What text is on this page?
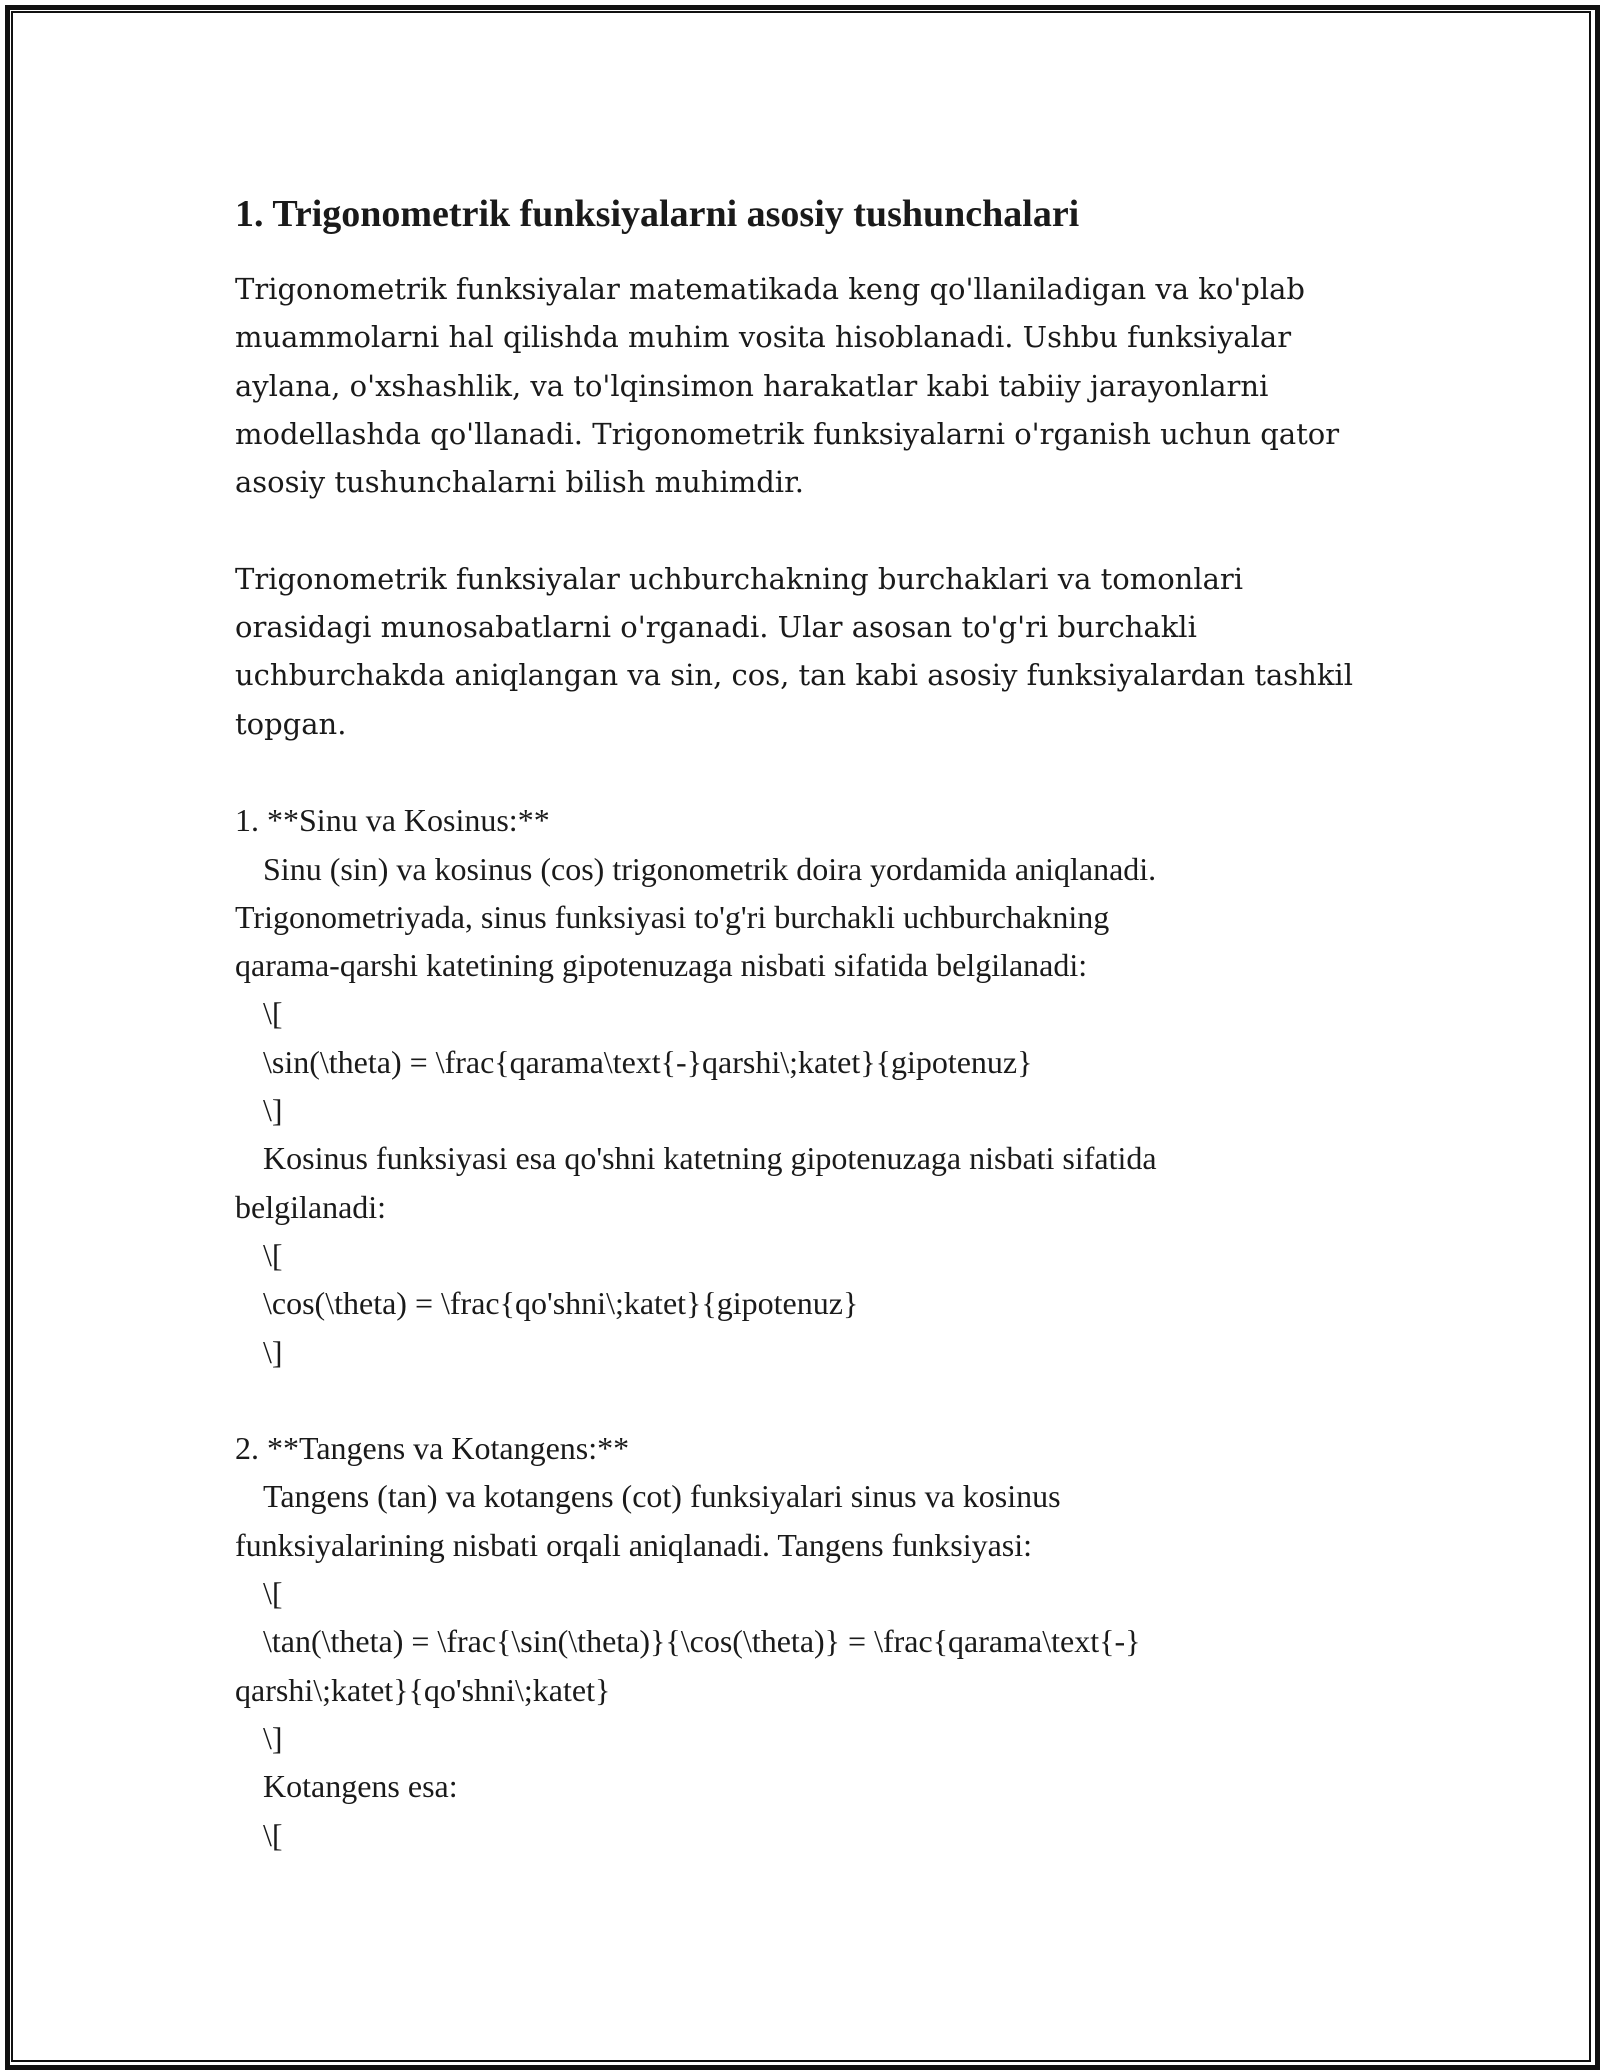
1. Trigonometrik funksiyalarni asosiy tushunchalari
Trigonometrik funksiyalar matematikada keng qo'llaniladigan va ko'plab
muammolarni hal qilishda muhim vosita hisoblanadi. Ushbu funksiyalar
aylana, o'xshashlik, va to'lqinsimon harakatlar kabi tabiiy jarayonlarni
modellashda qo'llanadi. Trigonometrik funksiyalarni o'rganish uchun qator
asosiy tushunchalarni bilish muhimdir.
Trigonometrik funksiyalar uchburchakning burchaklari va tomonlari
orasidagi munosabatlarni o'rganadi. Ular asosan to'g'ri burchakli
uchburchakda aniqlangan va sin, cos, tan kabi asosiy funksiyalardan tashkil
topgan.
1. **Sinu va Kosinus:**
Sinu (sin) va kosinus (cos) trigonometrik doira yordamida aniqlanadi.
Trigonometriyada, sinus funksiyasi to'g'ri burchakli uchburchakning
qarama-qarshi katetining gipotenuzaga nisbati sifatida belgilanadi:
\[
\sin(\theta) = \frac{qarama\text{-}qarshi\;katet}{gipotenuz}
\]
Kosinus funksiyasi esa qo'shni katetning gipotenuzaga nisbati sifatida
belgilanadi:
\[
\cos(\theta) = \frac{qo'shni\;katet}{gipotenuz}
\]
2. **Tangens va Kotangens:**
Tangens (tan) va kotangens (cot) funksiyalari sinus va kosinus
funksiyalarining nisbati orqali aniqlanadi. Tangens funksiyasi:
\[
\tan(\theta) = \frac{\sin(\theta)}{\cos(\theta)} = \frac{qarama\text{-}
qarshi\;katet}{qo'shni\;katet}
\]
Kotangens esa:
\[
